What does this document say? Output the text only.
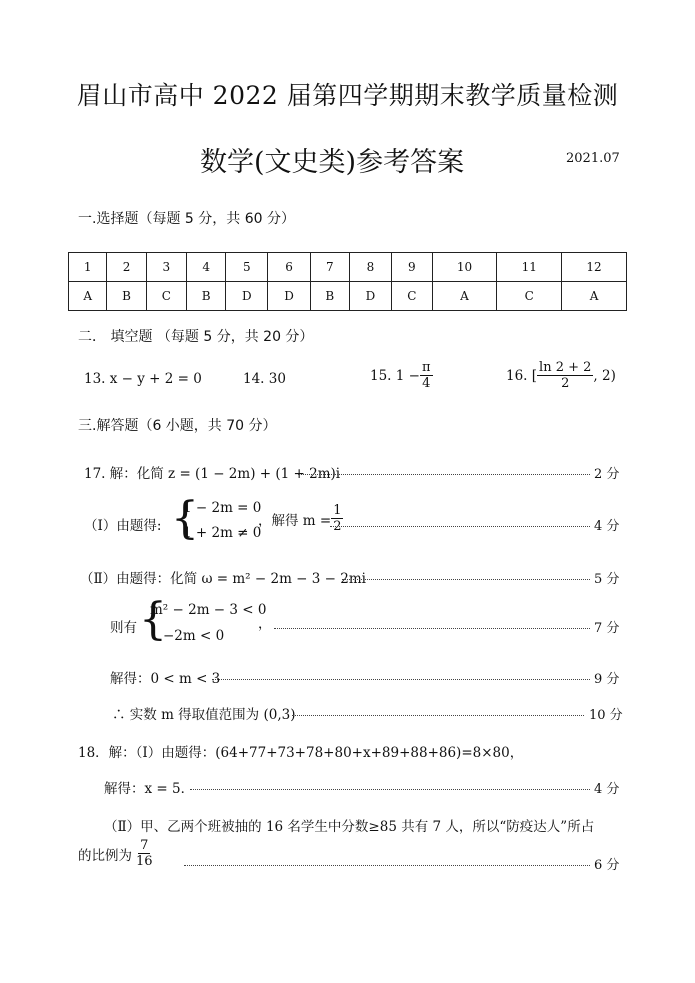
眉山市高中 2022 届第四学期期末教学质量检测
数学(文史类)参考答案	2021.07
一.选择题（每题 5 分，共 60 分）
1	2	3	4	5	6	7	8	9	10	11	12
A	B	C	B	D	D	B	D	C	A	C	A
二． 填空题 （每题 5 分，共 20 分）
13. x − y + 2 = 0	14. 30	15. $1 - \frac{\pi}{4}$	16. [ $\frac{\ln 2 + 2}{2}$ , 2)
三.解答题（6 小题，共 70 分）
17. 解：化简 z = (1 − 2m) + (1 + 2m)i	2 分
（Ⅰ）由题得: {
1 − 2m = 0
1 + 2m ≠ 0
，解得 $m = \frac{1}{2}$	4 分
（Ⅱ）由题得：化简 ω = m² − 2m − 3 − 2mi	5 分
则有 {
m² − 2m − 3 < 0
−2m < 0
，	7 分
解得：0 < m < 3	9 分
∴ 实数 m 得取值范围为 (0,3)	10 分
18．解：（Ⅰ）由题得：(64+77+73+78+80+x+89+88+86)=8×80，
解得：x = 5．	4 分
（Ⅱ）甲、乙两个班被抽的 16 名学生中分数≥85 共有 7 人，所以“防疫达人”所占
的比例为 $\frac{7}{16}$	6 分
